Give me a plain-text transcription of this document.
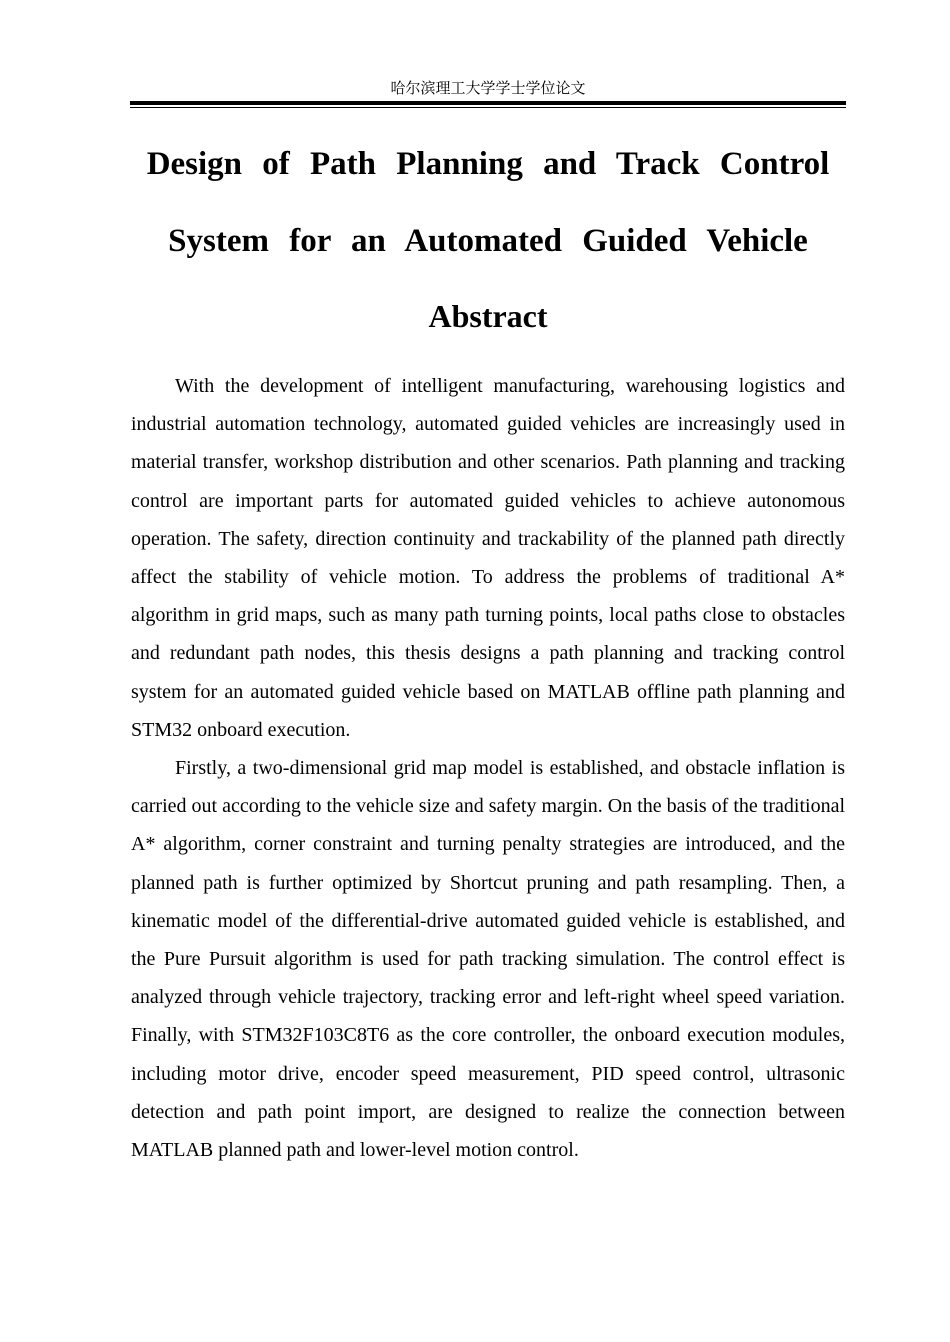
哈尔滨理工大学学士学位论文
Design of Path Planning and Track Control
System for an Automated Guided Vehicle
Abstract

With the development of intelligent manufacturing, warehousing logistics and industrial automation technology, automated guided vehicles are increasingly used in material transfer, workshop distribution and other scenarios. Path planning and tracking control are important parts for automated guided vehicles to achieve autonomous operation. The safety, direction continuity and trackability of the planned path directly affect the stability of vehicle motion. To address the problems of traditional A* algorithm in grid maps, such as many path turning points, local paths close to obstacles and redundant path nodes, this thesis designs a path planning and tracking control system for an automated guided vehicle based on MATLAB offline path planning and STM32 onboard execution.

Firstly, a two-dimensional grid map model is established, and obstacle inflation is carried out according to the vehicle size and safety margin. On the basis of the traditional A* algorithm, corner constraint and turning penalty strategies are introduced, and the planned path is further optimized by Shortcut pruning and path resampling. Then, a kinematic model of the differential-drive automated guided vehicle is established, and the Pure Pursuit algorithm is used for path tracking simulation. The control effect is analyzed through vehicle trajectory, tracking error and left-right wheel speed variation. Finally, with STM32F103C8T6 as the core controller, the onboard execution modules, including motor drive, encoder speed measurement, PID speed control, ultrasonic detection and path point import, are designed to realize the connection between MATLAB planned path and lower-level motion control.
